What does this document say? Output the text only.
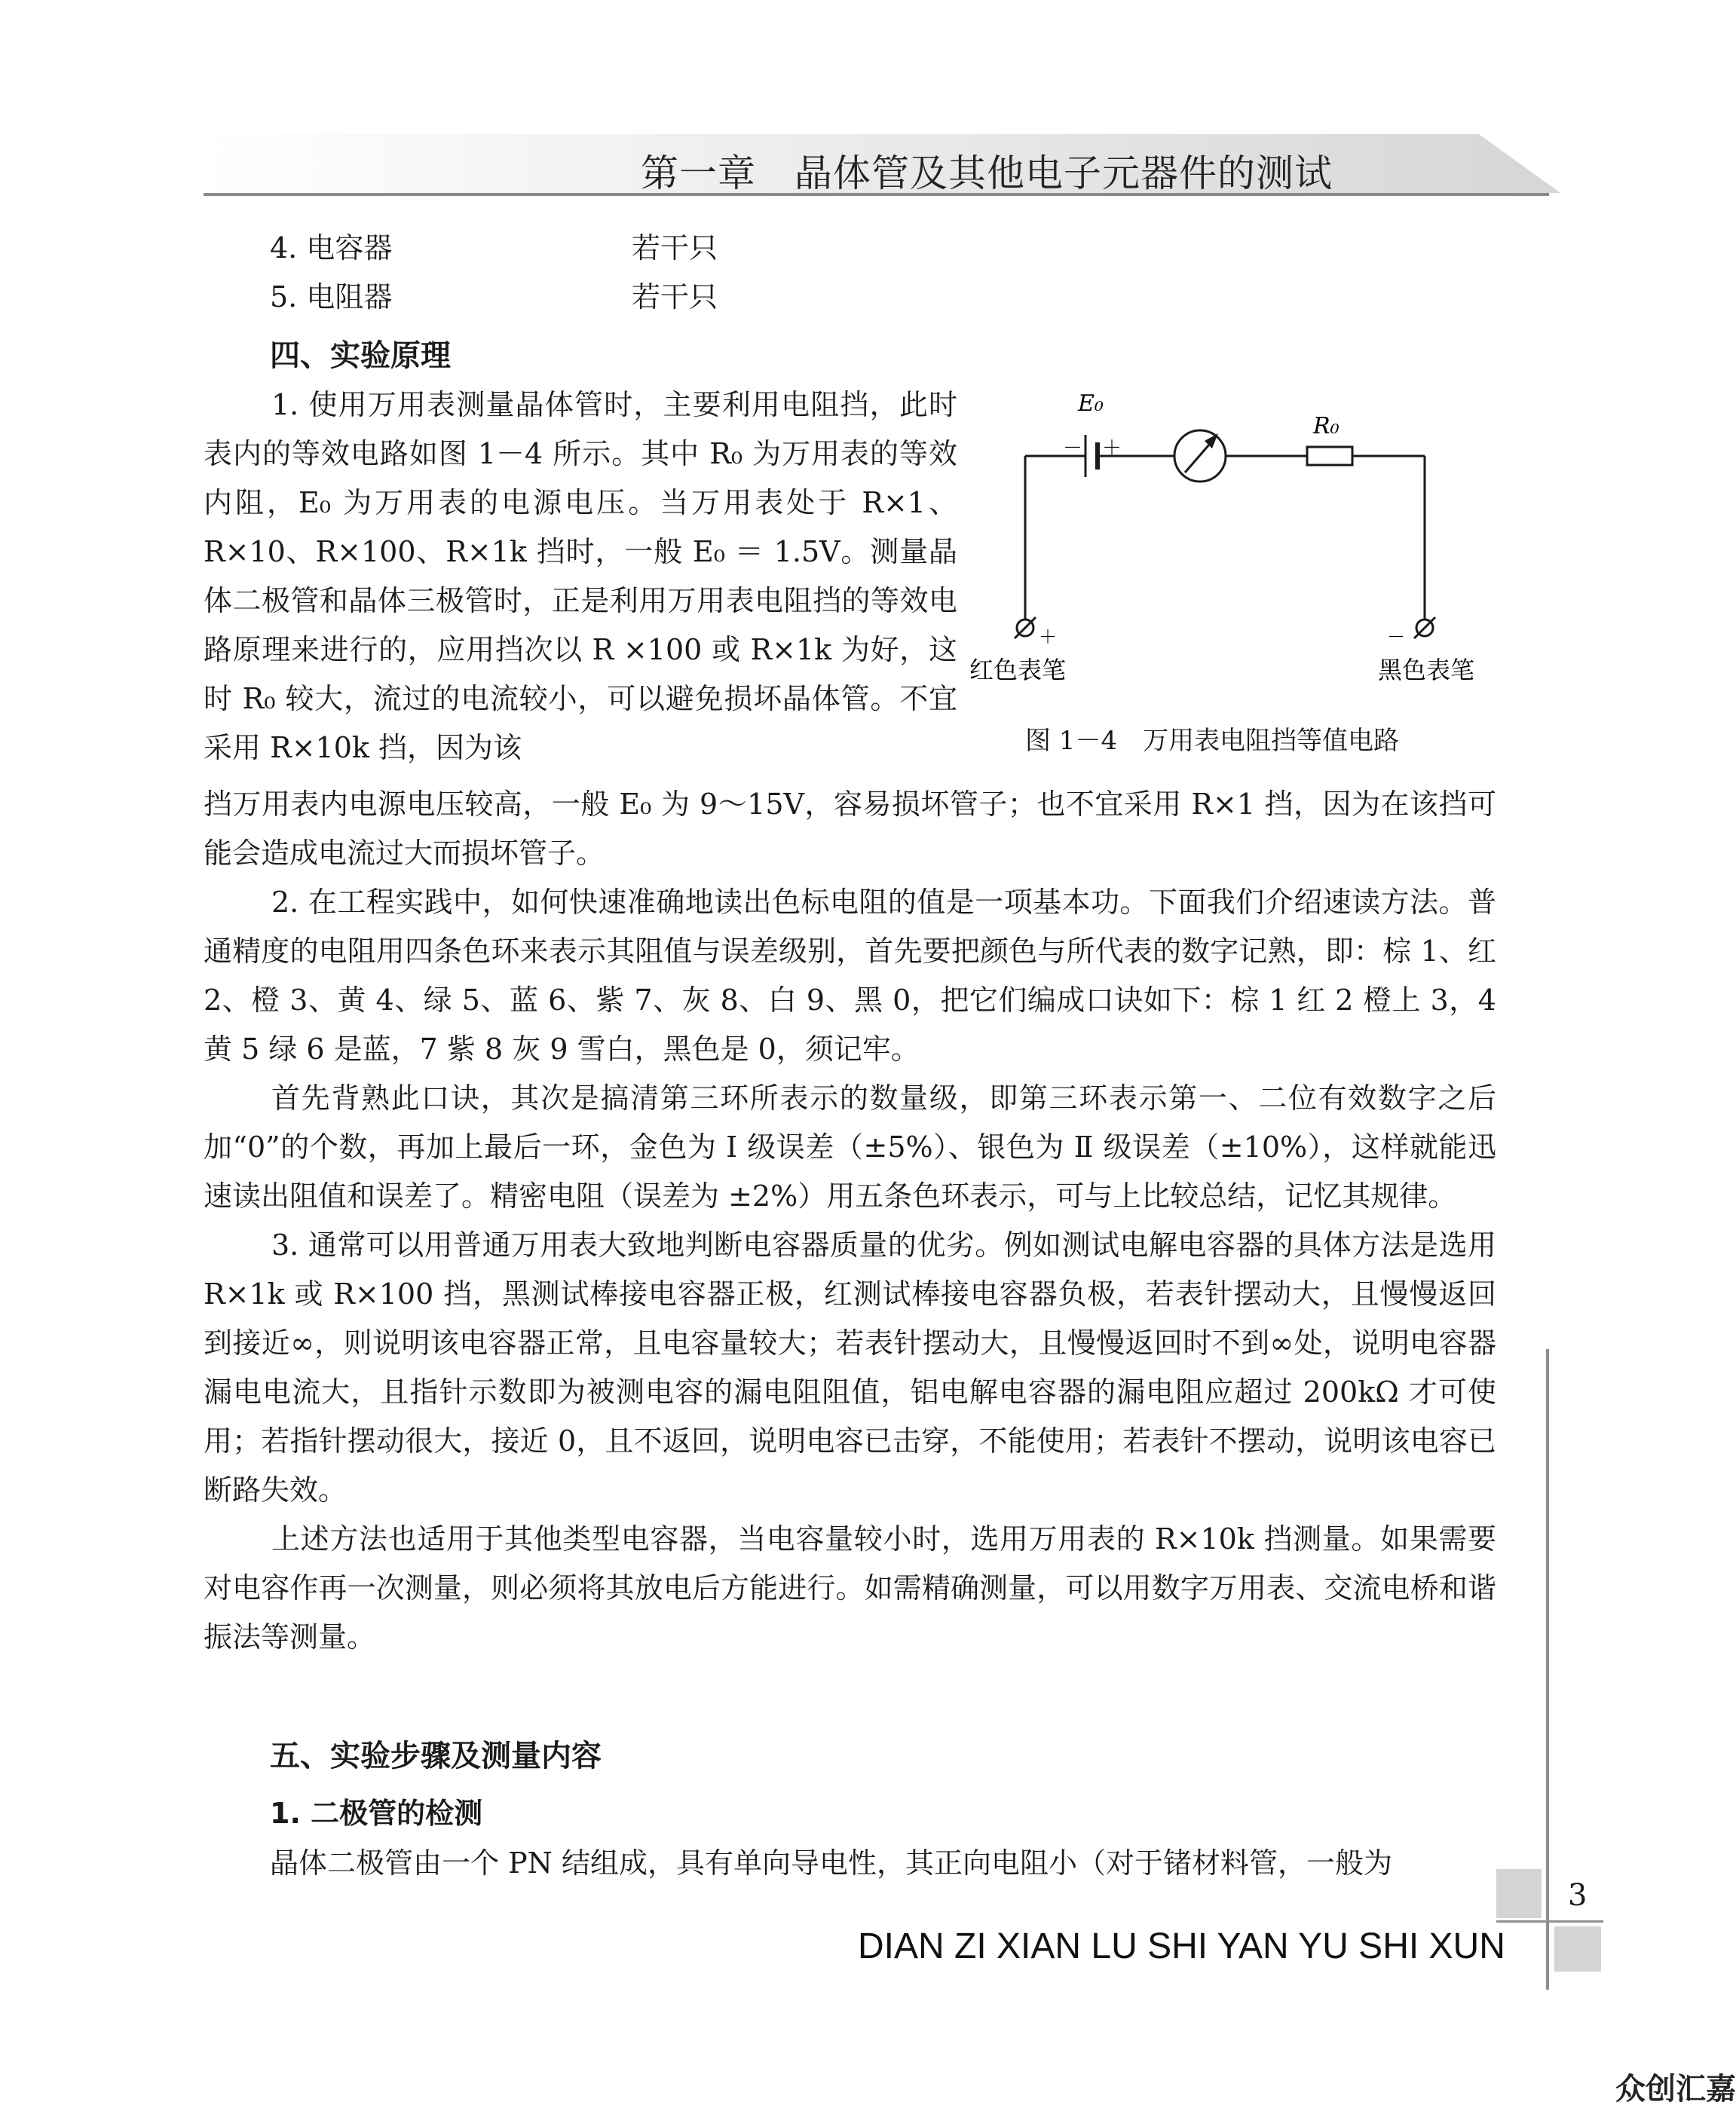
第一章　晶体管及其他电子元器件的测试
4. 电容器	若干只
5. 电阻器	若干只
四、实验原理

1. 使用万用表测量晶体管时，主要利用电阻挡，此时表内的等效电路如图 1－4 所示。其中 R₀ 为万用表的等效内阻，E₀ 为万用表的电源电压。当万用表处于 R×1、R×10、R×100、R×1k 挡时，一般 E₀ ＝ 1.5V。测量晶体二极管和晶体三极管时，正是利用万用表电阻挡的等效电路原理来进行的，应用挡次以 R ×100 或 R×1k 为好，这时 R₀ 较大，流过的电流较小，可以避免损坏晶体管。不宜采用 R×10k 挡，因为该

E₀
－ ＋
R₀
＋	－
红色表笔	黑色表笔
图 1－4　万用表电阻挡等值电路

挡万用表内电源电压较高，一般 E₀ 为 9～15V，容易损坏管子；也不宜采用 R×1 挡，因为在该挡可能会造成电流过大而损坏管子。

2. 在工程实践中，如何快速准确地读出色标电阻的值是一项基本功。下面我们介绍速读方法。普通精度的电阻用四条色环来表示其阻值与误差级别，首先要把颜色与所代表的数字记熟，即：棕 1、红 2、橙 3、黄 4、绿 5、蓝 6、紫 7、灰 8、白 9、黑 0，把它们编成口诀如下：棕 1 红 2 橙上 3，4 黄 5 绿 6 是蓝，7 紫 8 灰 9 雪白，黑色是 0，须记牢。

首先背熟此口诀，其次是搞清第三环所表示的数量级，即第三环表示第一、二位有效数字之后加“0”的个数，再加上最后一环，金色为 Ⅰ 级误差（±5%）、银色为 Ⅱ 级误差（±10%），这样就能迅速读出阻值和误差了。精密电阻（误差为 ±2%）用五条色环表示，可与上比较总结，记忆其规律。

3. 通常可以用普通万用表大致地判断电容器质量的优劣。例如测试电解电容器的具体方法是选用 R×1k 或 R×100 挡，黑测试棒接电容器正极，红测试棒接电容器负极，若表针摆动大，且慢慢返回到接近∞，则说明该电容器正常，且电容量较大；若表针摆动大，且慢慢返回时不到∞处，说明电容器漏电电流大，且指针示数即为被测电容的漏电阻阻值，铝电解电容器的漏电阻应超过 200kΩ 才可使用；若指针摆动很大，接近 0，且不返回，说明电容已击穿，不能使用；若表针不摆动，说明该电容已断路失效。

上述方法也适用于其他类型电容器，当电容量较小时，选用万用表的 R×10k 挡测量。如果需要对电容作再一次测量，则必须将其放电后方能进行。如需精确测量，可以用数字万用表、交流电桥和谐振法等测量。

五、实验步骤及测量内容
1. 二极管的检测
晶体二极管由一个 PN 结组成，具有单向导电性，其正向电阻小（对于锗材料管，一般为
3
DIAN ZI XIAN LU SHI YAN YU SHI XUN
众创汇嘉
